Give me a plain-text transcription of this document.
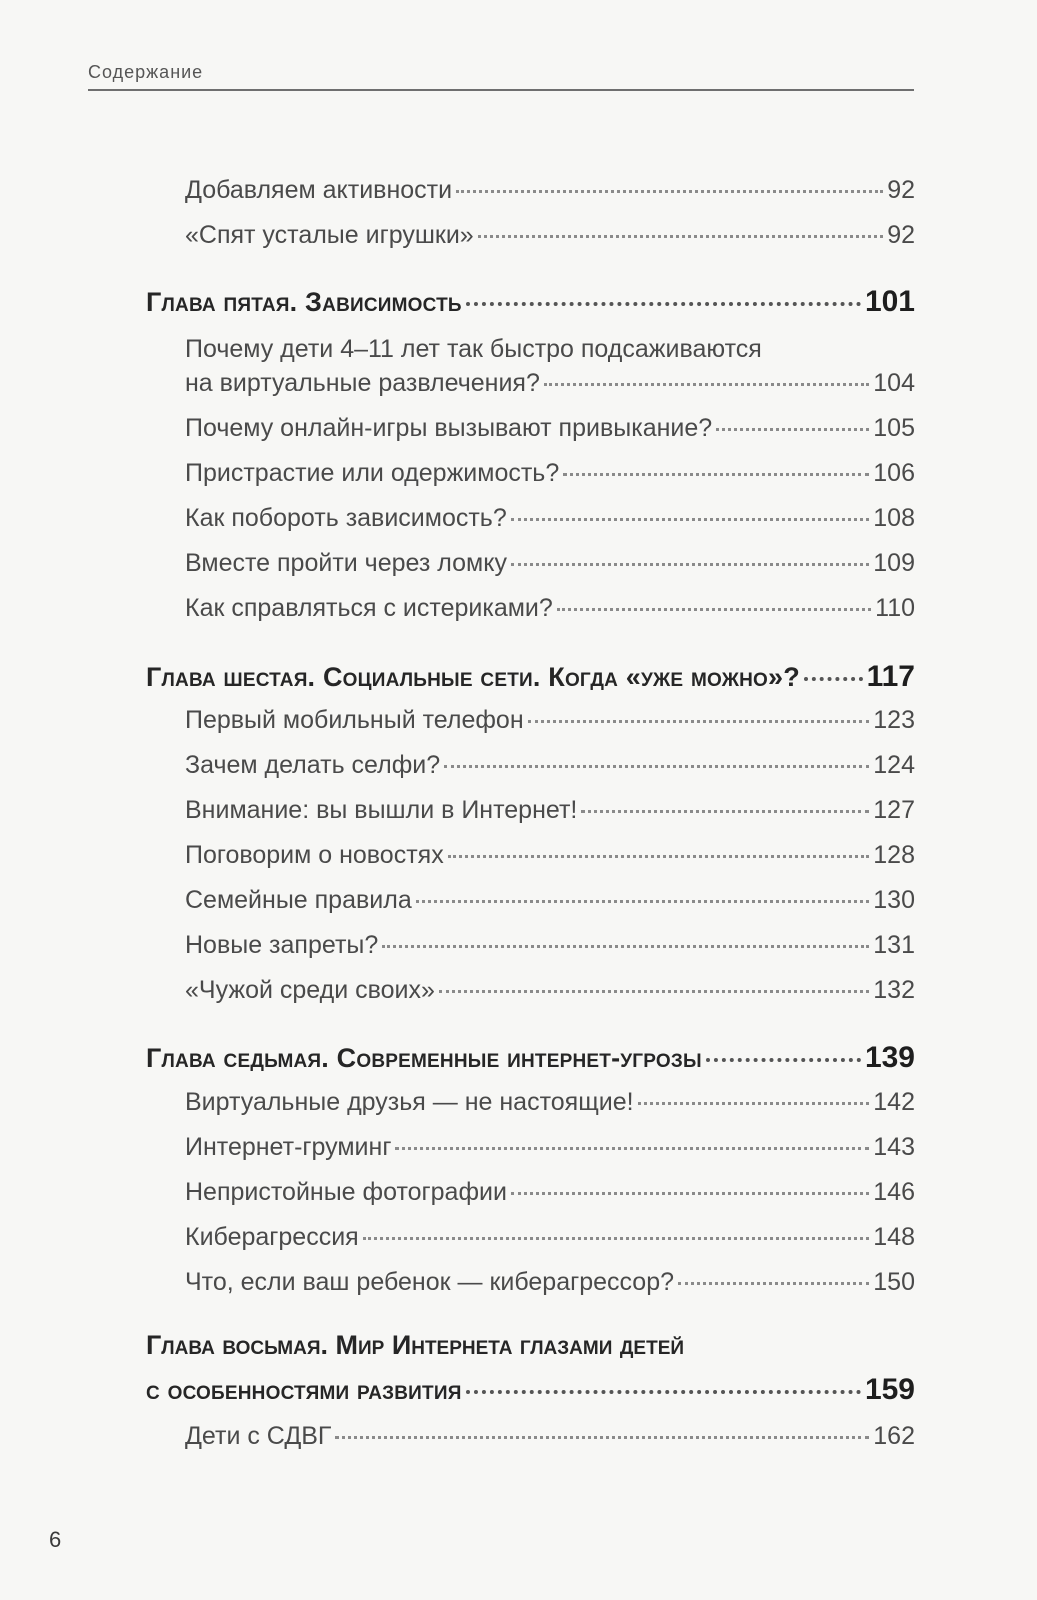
Содержание
Добавляем активности	92
«Спят усталые игрушки»	92
Глава пятая. Зависимость	101
Почему дети 4–11 лет так быстро подсаживаются
на виртуальные развлечения?	104
Почему онлайн-игры вызывают привыкание?	105
Пристрастие или одержимость?	106
Как побороть зависимость?	108
Вместе пройти через ломку	109
Как справляться с истериками?	110
Глава шестая. Социальные сети. Когда «уже можно»? 117
Первый мобильный телефон	123
Зачем делать селфи?	124
Внимание: вы вышли в Интернет!	127
Поговорим о новостях	128
Семейные правила	130
Новые запреты?	131
«Чужой среди своих»	132
Глава седьмая. Современные интернет-угрозы	139
Виртуальные друзья — не настоящие!	142
Интернет-груминг	143
Непристойные фотографии	146
Киберагрессия	148
Что, если ваш ребенок — киберагрессор?	150
Глава восьмая. Мир Интернета глазами детей
с особенностями развития	159
Дети с СДВГ	162
6
